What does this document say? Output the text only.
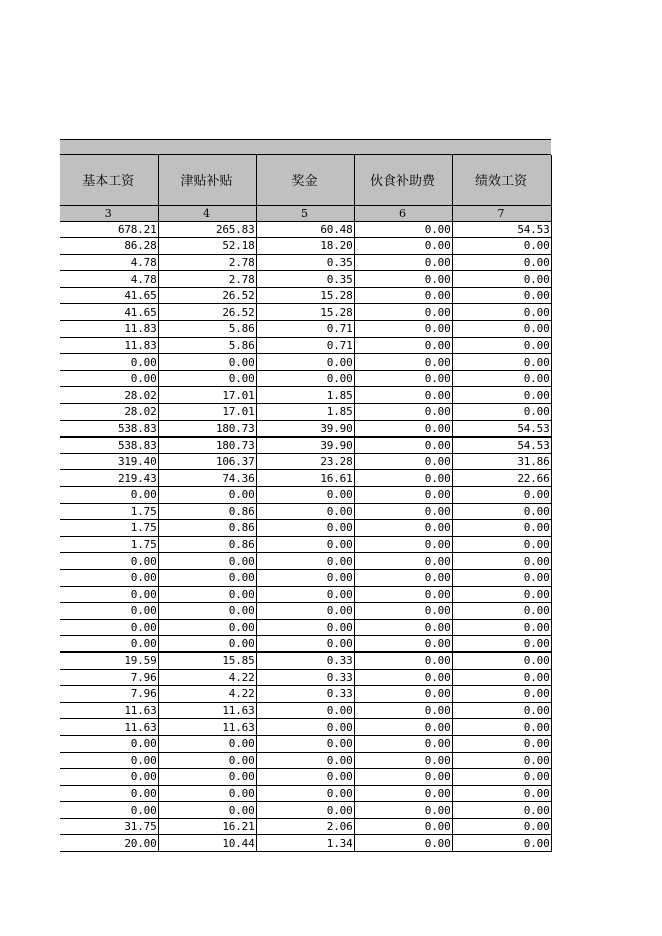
基本工资	津贴补贴	奖金	伙食补助费	绩效工资
3	4	5	6	7
678.21	265.83	60.48	0.00	54.53
86.28	52.18	18.20	0.00	0.00
4.78	2.78	0.35	0.00	0.00
4.78	2.78	0.35	0.00	0.00
41.65	26.52	15.28	0.00	0.00
41.65	26.52	15.28	0.00	0.00
11.83	5.86	0.71	0.00	0.00
11.83	5.86	0.71	0.00	0.00
0.00	0.00	0.00	0.00	0.00
0.00	0.00	0.00	0.00	0.00
28.02	17.01	1.85	0.00	0.00
28.02	17.01	1.85	0.00	0.00
538.83	180.73	39.90	0.00	54.53
538.83	180.73	39.90	0.00	54.53
319.40	106.37	23.28	0.00	31.86
219.43	74.36	16.61	0.00	22.66
0.00	0.00	0.00	0.00	0.00
1.75	0.86	0.00	0.00	0.00
1.75	0.86	0.00	0.00	0.00
1.75	0.86	0.00	0.00	0.00
0.00	0.00	0.00	0.00	0.00
0.00	0.00	0.00	0.00	0.00
0.00	0.00	0.00	0.00	0.00
0.00	0.00	0.00	0.00	0.00
0.00	0.00	0.00	0.00	0.00
0.00	0.00	0.00	0.00	0.00
19.59	15.85	0.33	0.00	0.00
7.96	4.22	0.33	0.00	0.00
7.96	4.22	0.33	0.00	0.00
11.63	11.63	0.00	0.00	0.00
11.63	11.63	0.00	0.00	0.00
0.00	0.00	0.00	0.00	0.00
0.00	0.00	0.00	0.00	0.00
0.00	0.00	0.00	0.00	0.00
0.00	0.00	0.00	0.00	0.00
0.00	0.00	0.00	0.00	0.00
31.75	16.21	2.06	0.00	0.00
20.00	10.44	1.34	0.00	0.00
